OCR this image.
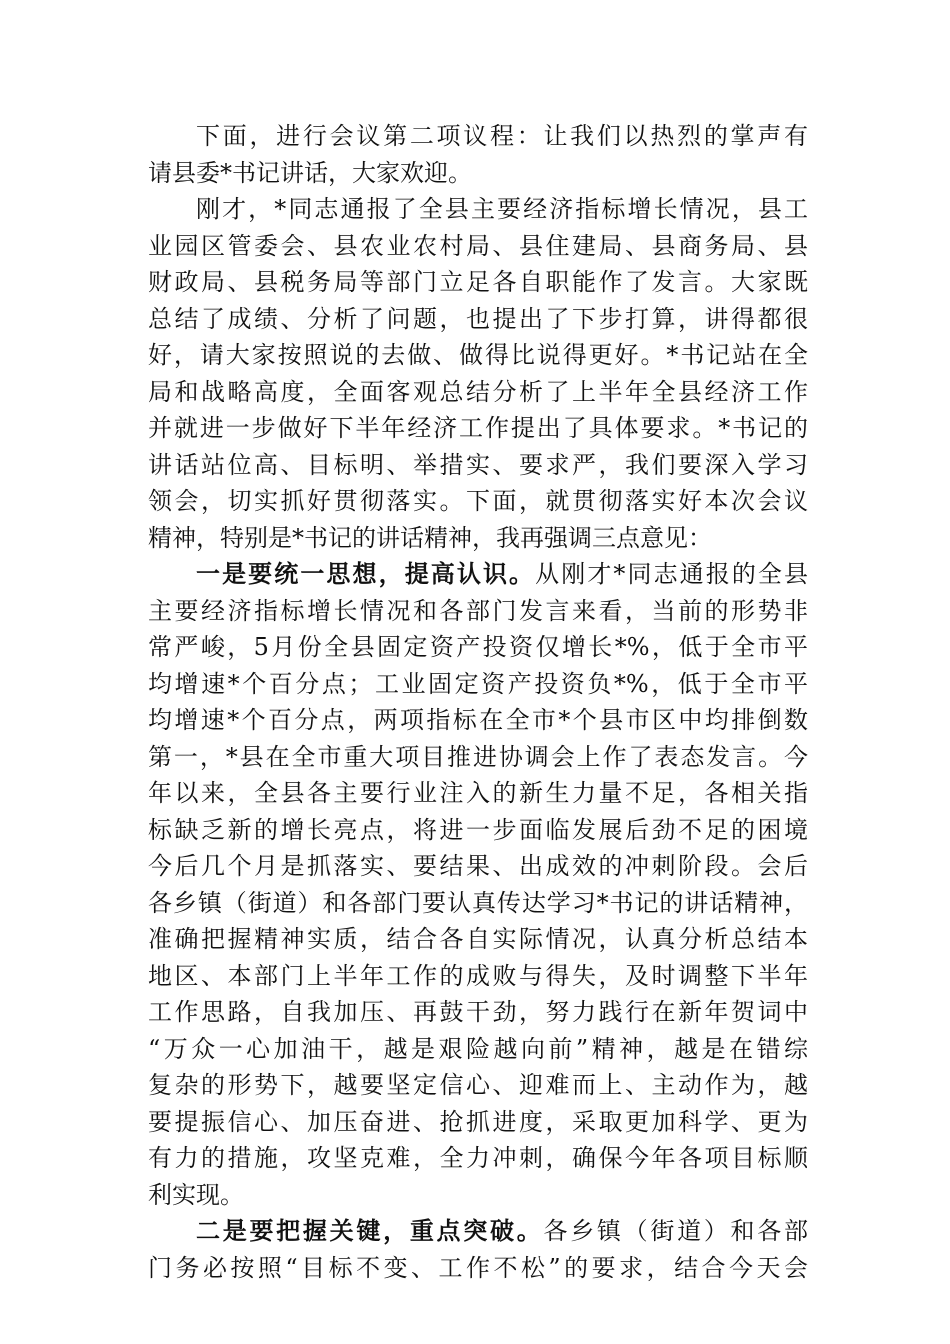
下面，进行会议第二项议程：让我们以热烈的掌声有
请县委*书记讲话，大家欢迎。
刚才，*同志通报了全县主要经济指标增长情况，县工
业园区管委会、县农业农村局、县住建局、县商务局、县
财政局、县税务局等部门立足各自职能作了发言。大家既
总结了成绩、分析了问题，也提出了下步打算，讲得都很
好，请大家按照说的去做、做得比说得更好。*书记站在全
局和战略高度，全面客观总结分析了上半年全县经济工作
并就进一步做好下半年经济工作提出了具体要求。*书记的
讲话站位高、目标明、举措实、要求严，我们要深入学习
领会，切实抓好贯彻落实。下面，就贯彻落实好本次会议
精神，特别是*书记的讲话精神，我再强调三点意见：
一是要统一思想，提高认识。从刚才*同志通报的全县
主要经济指标增长情况和各部门发言来看，当前的形势非
常严峻，5月份全县固定资产投资仅增长*%，低于全市平
均增速*个百分点；工业固定资产投资负*%，低于全市平
均增速*个百分点，两项指标在全市*个县市区中均排倒数
第一，*县在全市重大项目推进协调会上作了表态发言。今
年以来，全县各主要行业注入的新生力量不足，各相关指
标缺乏新的增长亮点，将进一步面临发展后劲不足的困境
今后几个月是抓落实、要结果、出成效的冲刺阶段。会后
各乡镇（街道）和各部门要认真传达学习*书记的讲话精神，
准确把握精神实质，结合各自实际情况，认真分析总结本
地区、本部门上半年工作的成败与得失，及时调整下半年
工作思路，自我加压、再鼓干劲，努力践行在新年贺词中
“万众一心加油干，越是艰险越向前”精神，越是在错综
复杂的形势下，越要坚定信心、迎难而上、主动作为，越
要提振信心、加压奋进、抢抓进度，采取更加科学、更为
有力的措施，攻坚克难，全力冲刺，确保今年各项目标顺
利实现。
二是要把握关键，重点突破。各乡镇（街道）和各部
门务必按照“目标不变、工作不松”的要求，结合今天会
